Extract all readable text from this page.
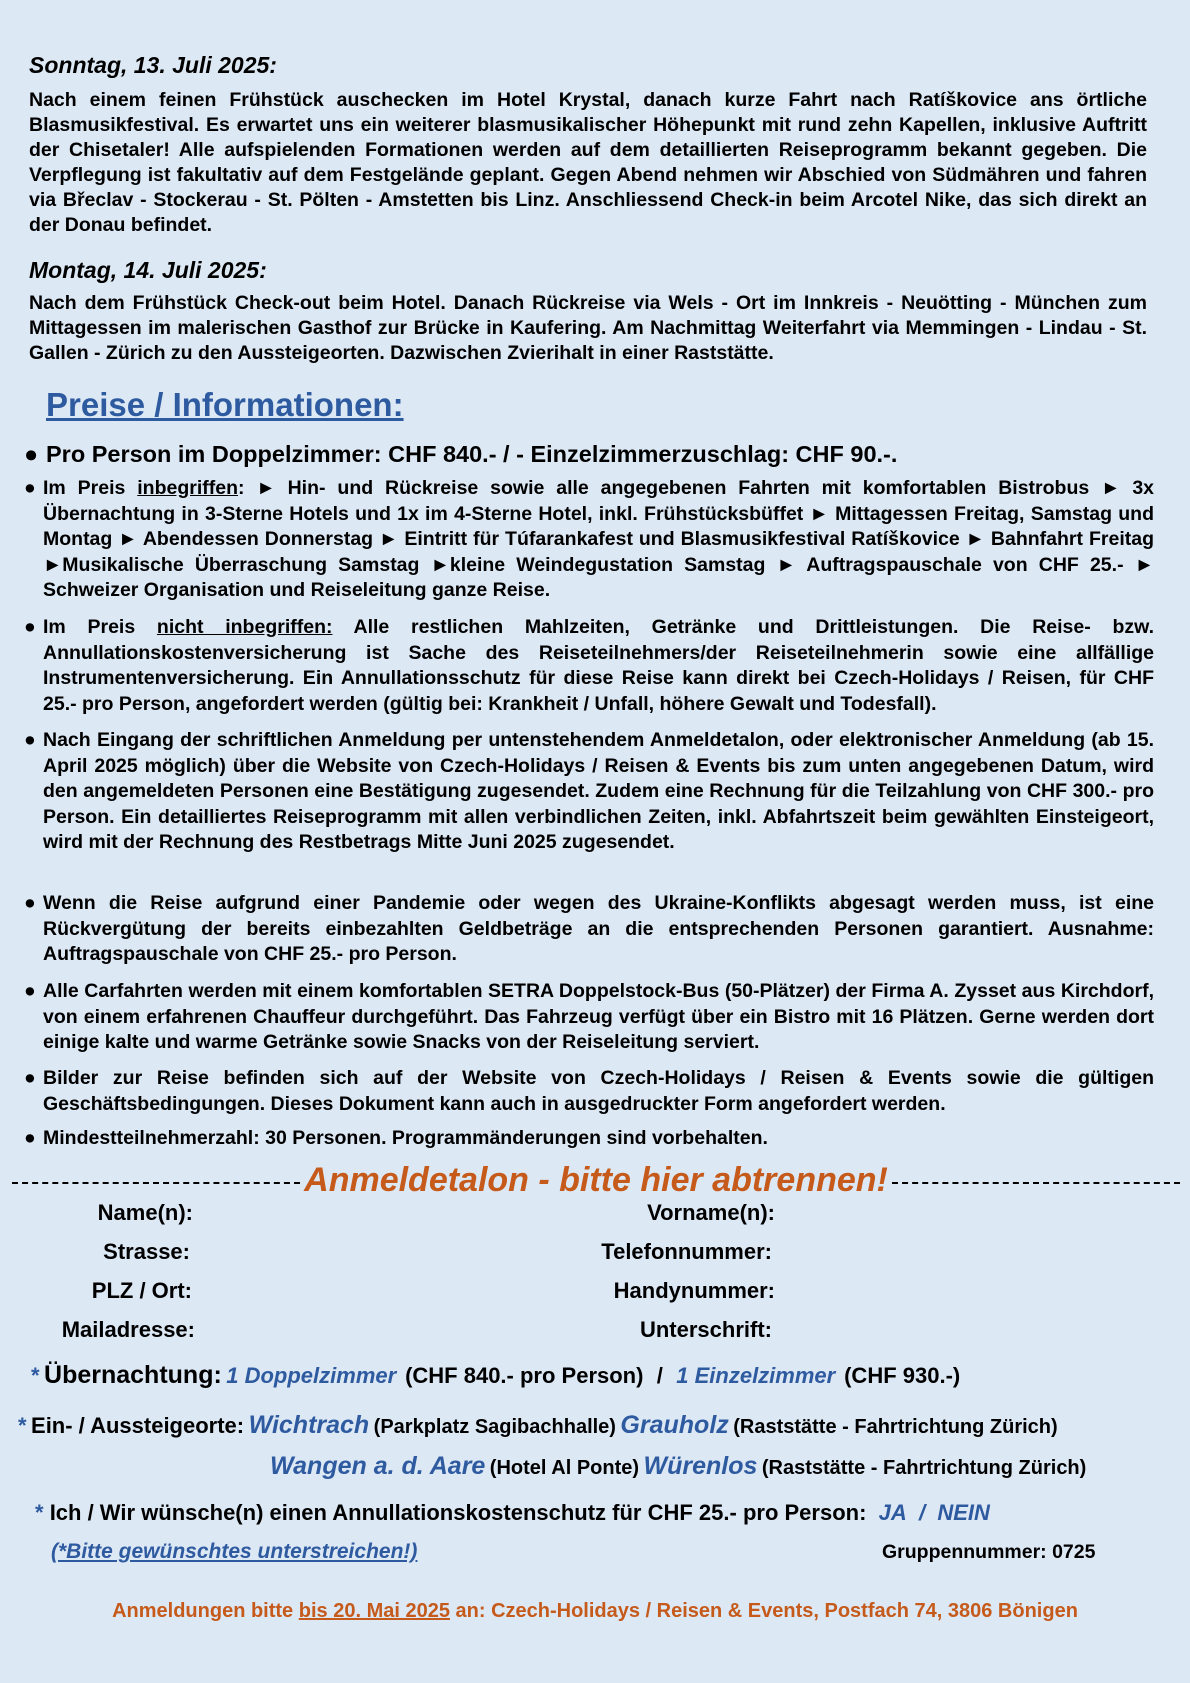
Sonntag, 13. Juli 2025:

Nach einem feinen Frühstück auschecken im Hotel Krystal, danach kurze Fahrt nach Ratíškovice ans örtliche Blasmusikfestival. Es erwartet uns ein weiterer blasmusikalischer Höhepunkt mit rund zehn Kapellen, inklusive Auftritt der Chisetaler! Alle aufspielenden Formationen werden auf dem detaillierten Reiseprogramm bekannt gegeben. Die Verpflegung ist fakultativ auf dem Festgelände geplant. Gegen Abend nehmen wir Abschied von Südmähren und fahren via Břeclav - Stockerau - St. Pölten - Amstetten bis Linz. Anschliessend Check-in beim Arcotel Nike, das sich direkt an der Donau befindet.

Montag, 14. Juli 2025:

Nach dem Frühstück Check-out beim Hotel. Danach Rückreise via Wels - Ort im Innkreis - Neuötting - München zum Mittagessen im malerischen Gasthof zur Brücke in Kaufering. Am Nachmittag Weiterfahrt via Memmingen - Lindau - St. Gallen - Zürich zu den Aussteigeorten. Dazwischen Zvierihalt in einer Raststätte.

Preise / Informationen:
● Pro Person im Doppelzimmer: CHF 840.- / - Einzelzimmerzuschlag: CHF 90.-.
● Im Preis inbegriffen: ► Hin- und Rückreise sowie alle angegebenen Fahrten mit komfortablen Bistrobus ► 3x Übernachtung in 3-Sterne Hotels und 1x im 4-Sterne Hotel, inkl. Frühstücksbüffet ► Mittagessen Freitag, Samstag und Montag ► Abendessen Donnerstag ► Eintritt für Túfarankafest und Blasmusikfestival Ratíškovice ► Bahnfahrt Freitag ►Musikalische Überraschung Samstag ►kleine Weindegustation Samstag ► Auftragspauschale von CHF 25.- ► Schweizer Organisation und Reiseleitung ganze Reise.
● Im Preis nicht inbegriffen: Alle restlichen Mahlzeiten, Getränke und Drittleistungen. Die Reise- bzw. Annullationskostenversicherung ist Sache des Reiseteilnehmers/der Reiseteilnehmerin sowie eine allfällige Instrumentenversicherung. Ein Annullationsschutz für diese Reise kann direkt bei Czech-Holidays / Reisen, für CHF 25.- pro Person, angefordert werden (gültig bei: Krankheit / Unfall, höhere Gewalt und Todesfall).
● Nach Eingang der schriftlichen Anmeldung per untenstehendem Anmeldetalon, oder elektronischer Anmeldung (ab 15. April 2025 möglich) über die Website von Czech-Holidays / Reisen & Events bis zum unten angegebenen Datum, wird den angemeldeten Personen eine Bestätigung zugesendet. Zudem eine Rechnung für die Teilzahlung von CHF 300.- pro Person. Ein detailliertes Reiseprogramm mit allen verbindlichen Zeiten, inkl. Abfahrtszeit beim gewählten Einsteigeort, wird mit der Rechnung des Restbetrags Mitte Juni 2025 zugesendet.
● Wenn die Reise aufgrund einer Pandemie oder wegen des Ukraine-Konflikts abgesagt werden muss, ist eine Rückvergütung der bereits einbezahlten Geldbeträge an die entsprechenden Personen garantiert. Ausnahme: Auftragspauschale von CHF 25.- pro Person.
● Alle Carfahrten werden mit einem komfortablen SETRA Doppelstock-Bus (50-Plätzer) der Firma A. Zysset aus Kirchdorf, von einem erfahrenen Chauffeur durchgeführt. Das Fahrzeug verfügt über ein Bistro mit 16 Plätzen. Gerne werden dort einige kalte und warme Getränke sowie Snacks von der Reiseleitung serviert.
● Bilder zur Reise befinden sich auf der Website von Czech-Holidays / Reisen & Events sowie die gültigen Geschäftsbedingungen. Dieses Dokument kann auch in ausgedruckter Form angefordert werden.
● Mindestteilnehmerzahl: 30 Personen. Programmänderungen sind vorbehalten.
Anmeldetalon - bitte hier abtrennen!
Name(n):
Strasse:
PLZ / Ort:
Mailadresse:
Vorname(n):
Telefonnummer:
Handynummer:
Unterschrift:
* Übernachtung: 1 Doppelzimmer (CHF 840.- pro Person) / 1 Einzelzimmer (CHF 930.-)
* Ein- / Aussteigeorte: Wichtrach (Parkplatz Sagibachhalle) Grauholz (Raststätte - Fahrtrichtung Zürich)
Wangen a. d. Aare (Hotel Al Ponte) Würenlos (Raststätte - Fahrtrichtung Zürich)
* Ich / Wir wünsche(n) einen Annullationskostenschutz für CHF 25.- pro Person: JA / NEIN
(*Bitte gewünschtes unterstreichen!)	Gruppennummer: 0725
Anmeldungen bitte bis 20. Mai 2025 an: Czech-Holidays / Reisen & Events, Postfach 74, 3806 Bönigen
